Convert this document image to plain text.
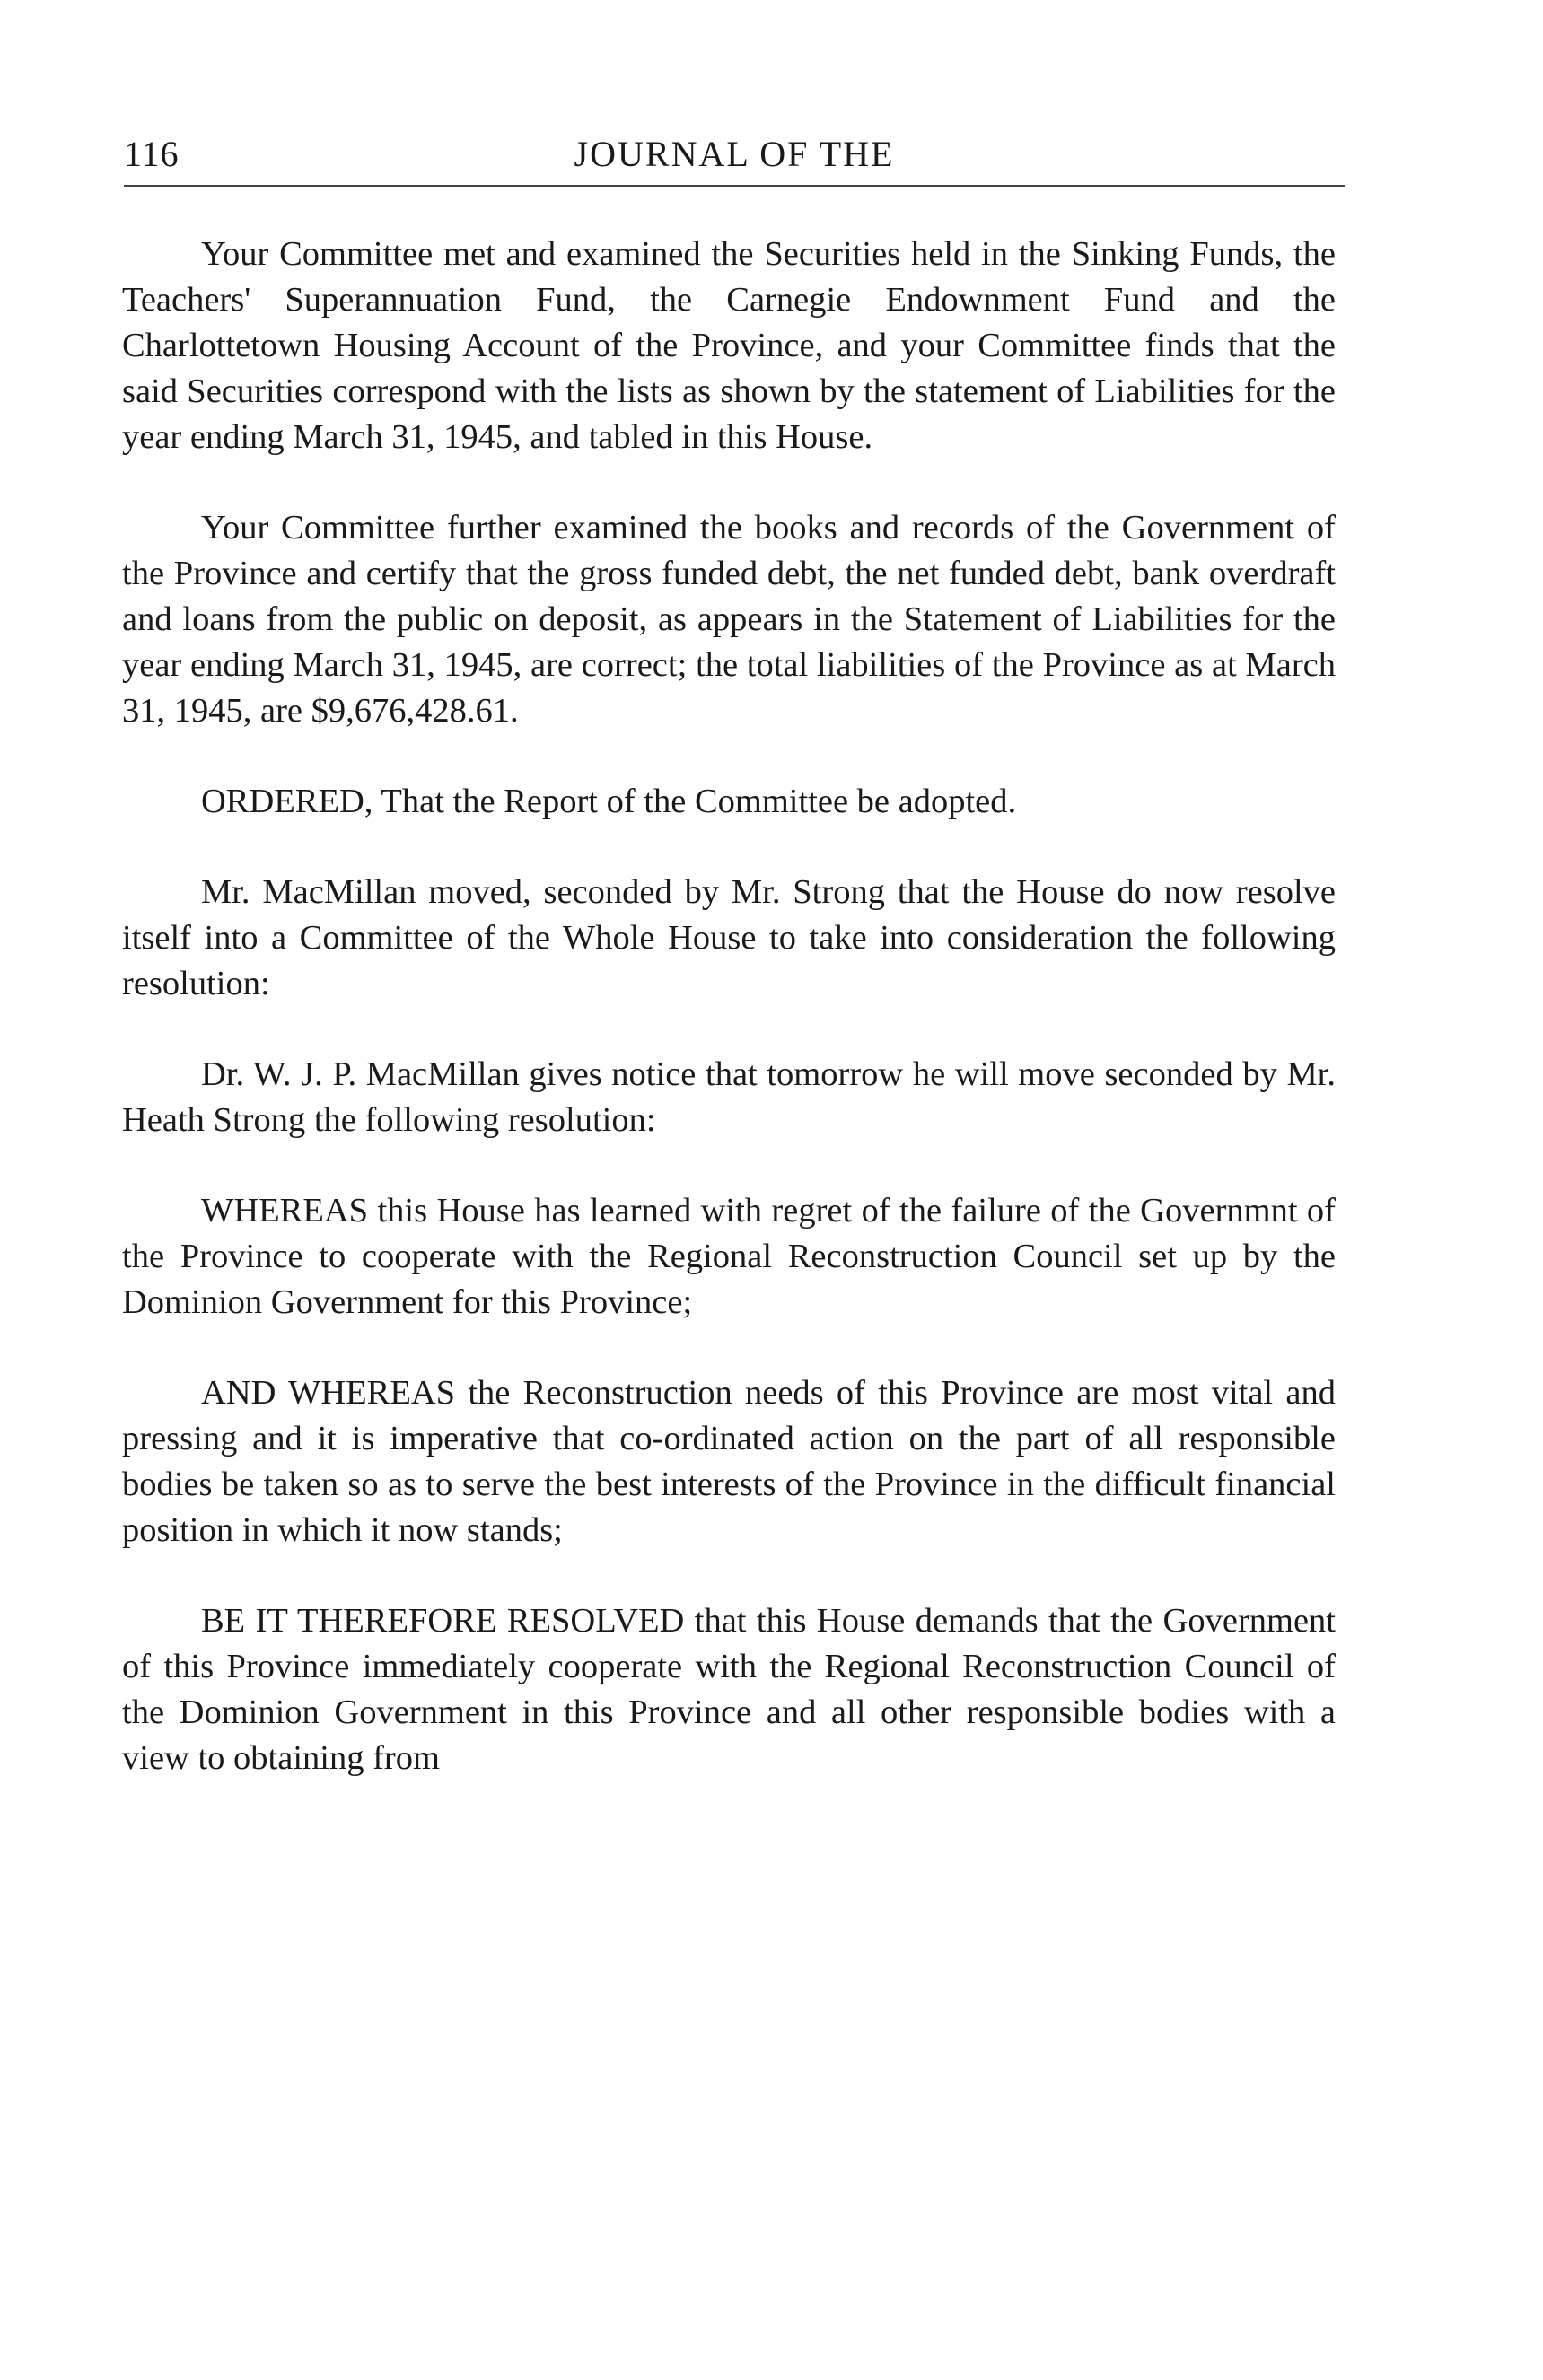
116	JOURNAL OF THE

Your Committee met and examined the Securities held in the Sinking Funds, the Teachers' Superannuation Fund, the Carnegie Endownment Fund and the Charlottetown Housing Account of the Province, and your Committee finds that the said Securities correspond with the lists as shown by the statement of Liabilities for the year ending March 31, 1945, and tabled in this House.

Your Committee further examined the books and records of the Government of the Province and certify that the gross funded debt, the net funded debt, bank overdraft and loans from the public on deposit, as appears in the Statement of Liabilities for the year ending March 31, 1945, are correct; the total liabilities of the Province as at March 31, 1945, are $9,676,428.61.

ORDERED, That the Report of the Committee be adopted.

Mr. MacMillan moved, seconded by Mr. Strong that the House do now resolve itself into a Committee of the Whole House to take into consideration the following resolution:

Dr. W. J. P. MacMillan gives notice that tomorrow he will move seconded by Mr. Heath Strong the following resolution:

WHEREAS this House has learned with regret of the failure of the Governmnt of the Province to cooperate with the Regional Reconstruction Council set up by the Dominion Government for this Province;

AND WHEREAS the Reconstruction needs of this Province are most vital and pressing and it is imperative that co-ordinated action on the part of all responsible bodies be taken so as to serve the best interests of the Province in the difficult financial position in which it now stands;

BE IT THEREFORE RESOLVED that this House demands that the Government of this Province immediately cooperate with the Regional Reconstruction Council of the Dominion Government in this Province and all other responsible bodies with a view to obtaining from
